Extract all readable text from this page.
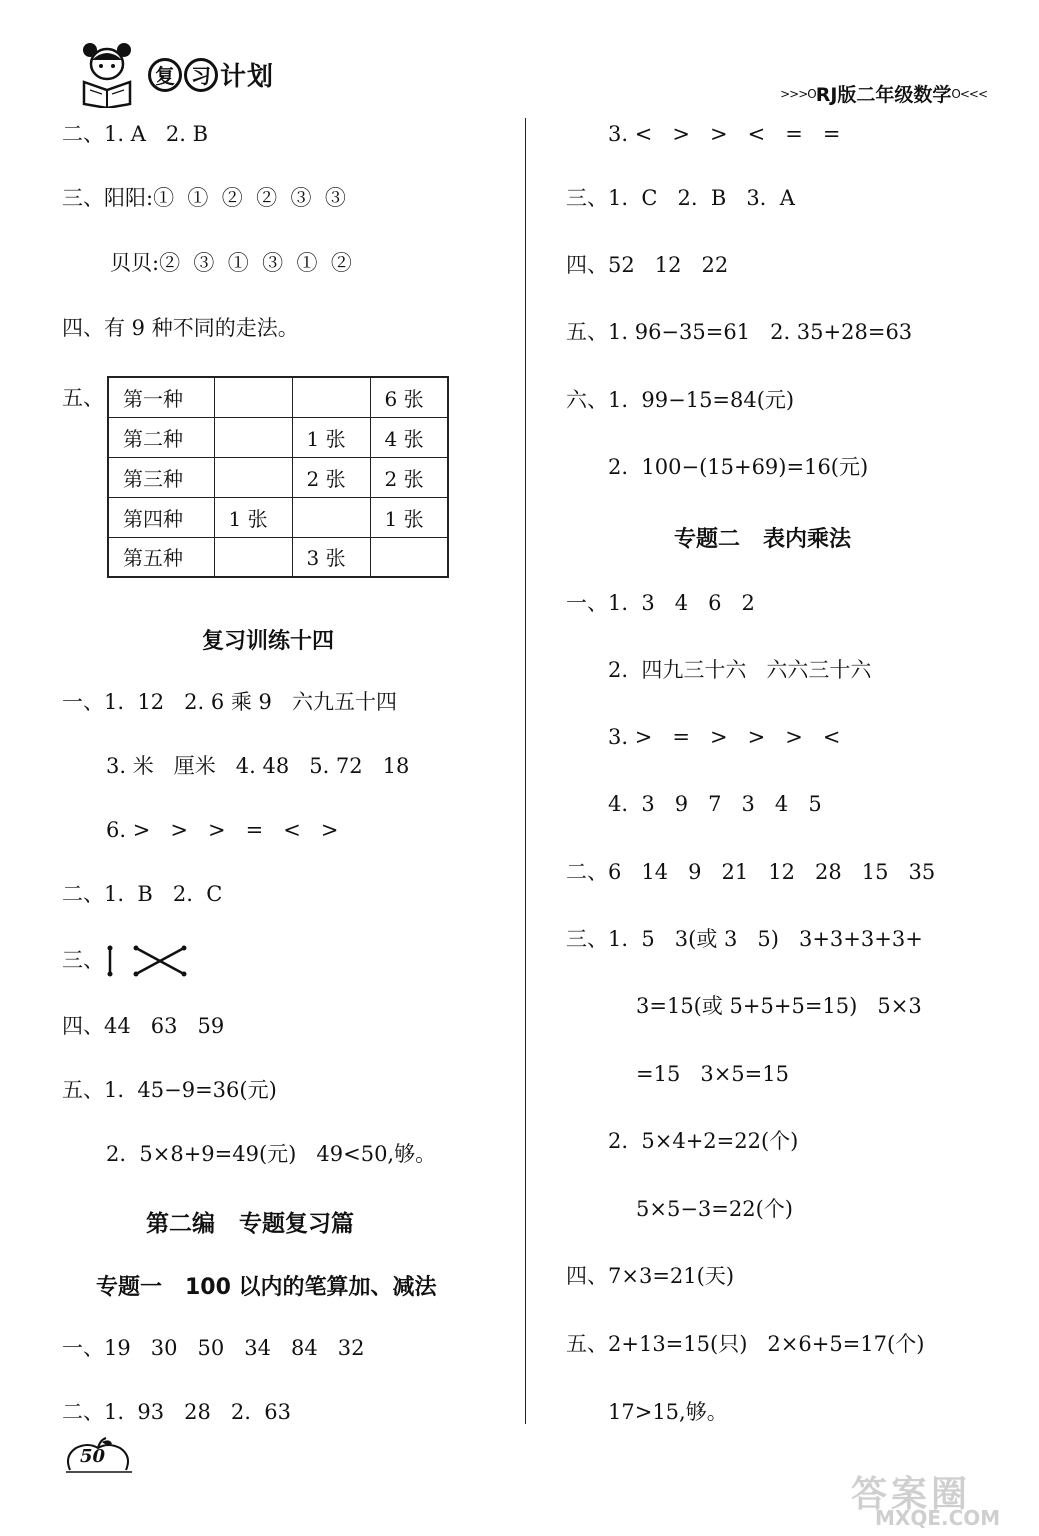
复 习 计划
>>>O RJ版二年级数学 O<<<
二、1. A   2. B
三、阳阳:①  ①  ②  ②  ③  ③
贝贝:②  ③  ①  ③  ①  ②
四、有 9 种不同的走法。
五、 第一种			6 张
第二种		1 张	4 张
第三种		2 张	2 张
第四种	1 张		1 张
第五种		3 张	
复习训练十四
一、1.  12   2. 6 乘 9   六九五十四
3. 米   厘米   4. 48   5. 72   18
6. >   >   >   =   <   >
二、1.  B   2.  C
三、
四、44   63   59
五、1.  45−9=36(元)
2.  5×8+9=49(元)   49<50,够。
第二编   专题复习篇
专题一   100 以内的笔算加、减法
一、19   30   50   34   84   32
二、1.  93   28   2.  63
3. <   >   >   <   =   =
三、1.  C   2.  B   3.  A
四、52   12   22
五、1. 96−35=61   2. 35+28=63
六、1.  99−15=84(元)
2.  100−(15+69)=16(元)
专题二   表内乘法
一、1.  3   4   6   2
2.  四九三十六   六六三十六
3. >   =   >   >   >   <
4.  3   9   7   3   4   5
二、6   14   9   21   12   28   15   35
三、1.  5   3(或 3   5)   3+3+3+3+
3=15(或 5+5+5=15)   5×3
=15   3×5=15
2.  5×4+2=22(个)
5×5−3=22(个)
四、7×3=21(天)
五、2+13=15(只)   2×6+5=17(个)
17>15,够。
50
答案圈
MXQE.COM
